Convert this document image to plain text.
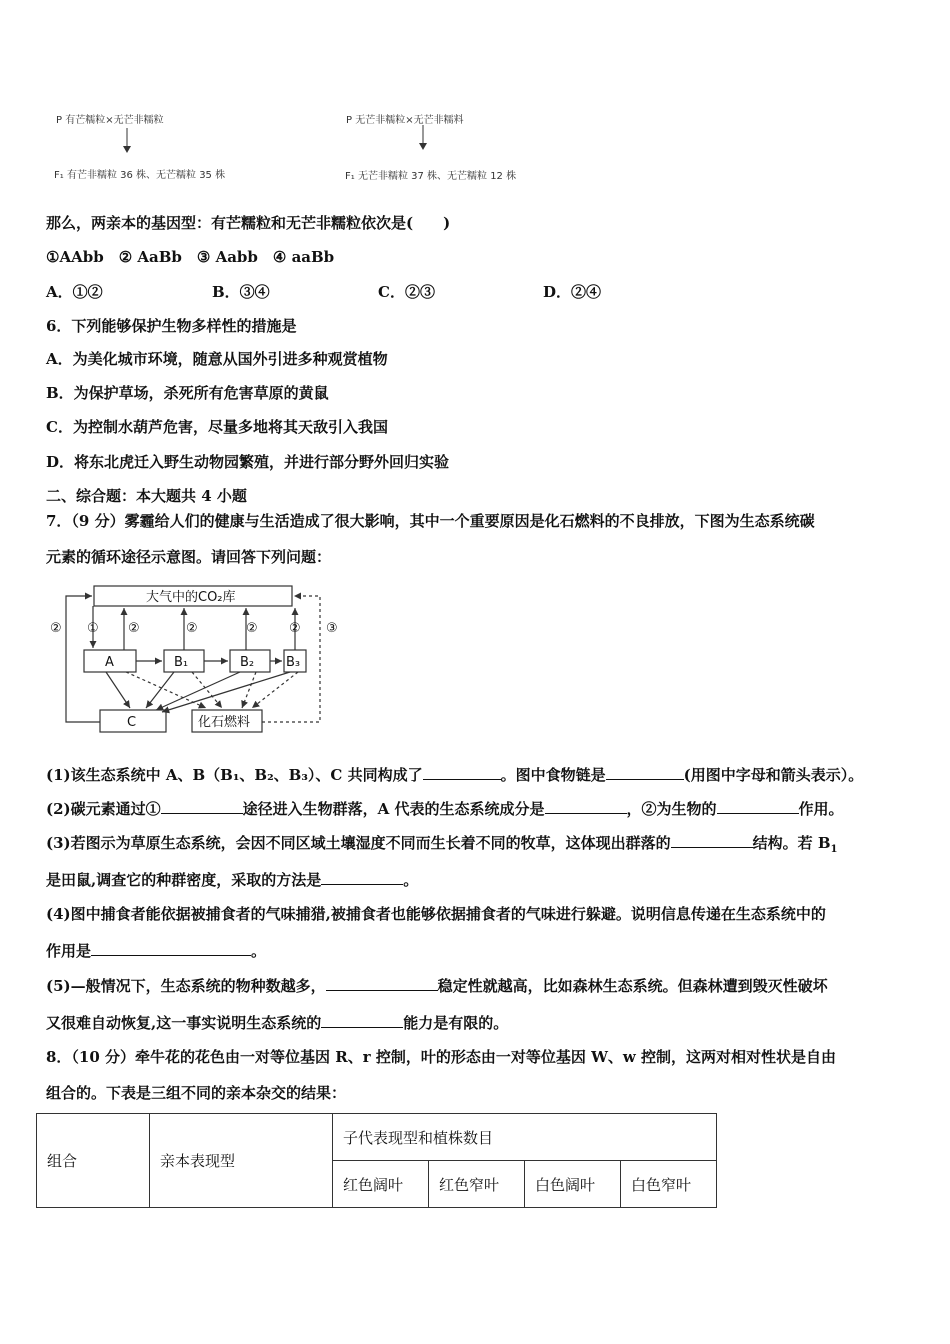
P 有芒糯粒×无芒非糯粒
F₁ 有芒非糯粒 36 株、无芒糯粒 35 株
P 无芒非糯粒×无芒非糯料
F₁ 无芒非糯粒 37 株、无芒糯粒 12 株
那么，两亲本的基因型：有芒糯粒和无芒非糯粒依次是(　　)
①AAbb　② AaBb　③ Aabb　④ aaBb
A．①②	B．③④	C．②③	D．②④
6．下列能够保护生物多样性的措施是
A．为美化城市环境，随意从国外引进多种观赏植物
B．为保护草场，杀死所有危害草原的黄鼠
C．为控制水葫芦危害，尽量多地将其天敌引入我国
D．将东北虎迁入野生动物园繁殖，并进行部分野外回归实验
二、综合题：本大题共 4 小题
7．（9 分）雾霾给人们的健康与生活造成了很大影响，其中一个重要原因是化石燃料的不良排放，下图为生态系统碳
元素的循环途径示意图。请回答下列问题：
大气中的CO₂库
A	B₁	B₂ B₃
C	化石燃料
② ① ②	②	② ② ③
(1)该生态系统中 A、B（B₁、B₂、B₃）、C 共同构成了	。图中食物链是	(用图中字母和箭头表示）。
(2)碳元素通过①	途径进入生物群落，A 代表的生态系统成分是	，②为生物的	作用。
(3)若图示为草原生态系统，会因不同区域土壤湿度不同而生长着不同的牧草，这体现出群落的	结构。若 $B_1$
是田鼠,调查它的种群密度，采取的方法是	。
(4)图中捕食者能依据被捕食者的气味捕猎,被捕食者也能够依据捕食者的气味进行躲避。说明信息传递在生态系统中的
作用是	。
(5)—般情况下，生态系统的物种数越多，	稳定性就越高，比如森林生态系统。但森林遭到毁灭性破坏
又很难自动恢复,这一事实说明生态系统的	能力是有限的。
8．（10 分）牵牛花的花色由一对等位基因 R、r 控制，叶的形态由一对等位基因 W、w 控制，这两对相对性状是自由
组合的。下表是三组不同的亲本杂交的结果：
组合	亲本表现型	子代表现型和植株数目			
		红色阔叶	红色窄叶	白色阔叶	白色窄叶
